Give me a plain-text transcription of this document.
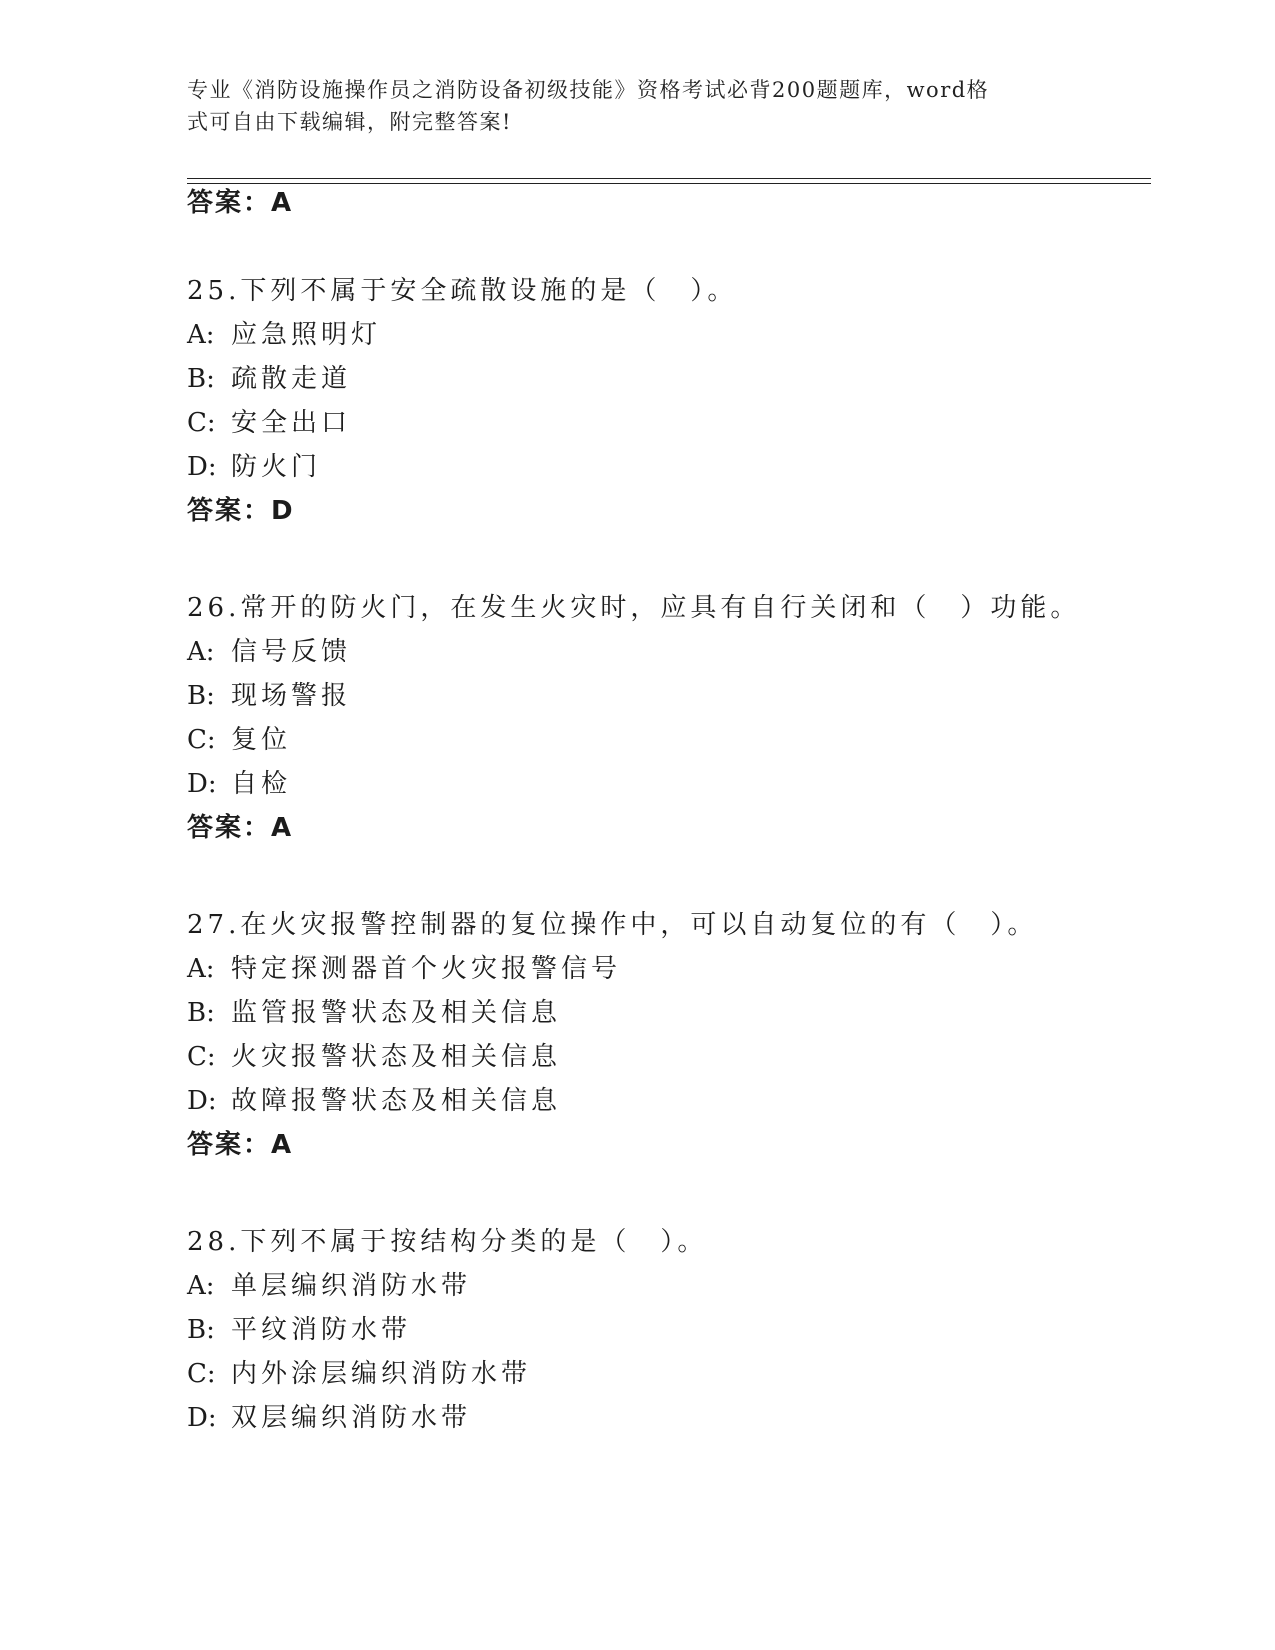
专业《消防设施操作员之消防设备初级技能》资格考试必背200题题库，word格
式可自由下载编辑，附完整答案!
答案：A
25.下列不属于安全疏散设施的是（　）。
A: 应急照明灯
B: 疏散走道
C: 安全出口
D: 防火门
答案：D
26.常开的防火门，在发生火灾时，应具有自行关闭和（　）功能。
A: 信号反馈
B: 现场警报
C: 复位
D: 自检
答案：A
27.在火灾报警控制器的复位操作中，可以自动复位的有（　）。
A: 特定探测器首个火灾报警信号
B: 监管报警状态及相关信息
C: 火灾报警状态及相关信息
D: 故障报警状态及相关信息
答案：A
28.下列不属于按结构分类的是（　）。
A: 单层编织消防水带
B: 平纹消防水带
C: 内外涂层编织消防水带
D: 双层编织消防水带
